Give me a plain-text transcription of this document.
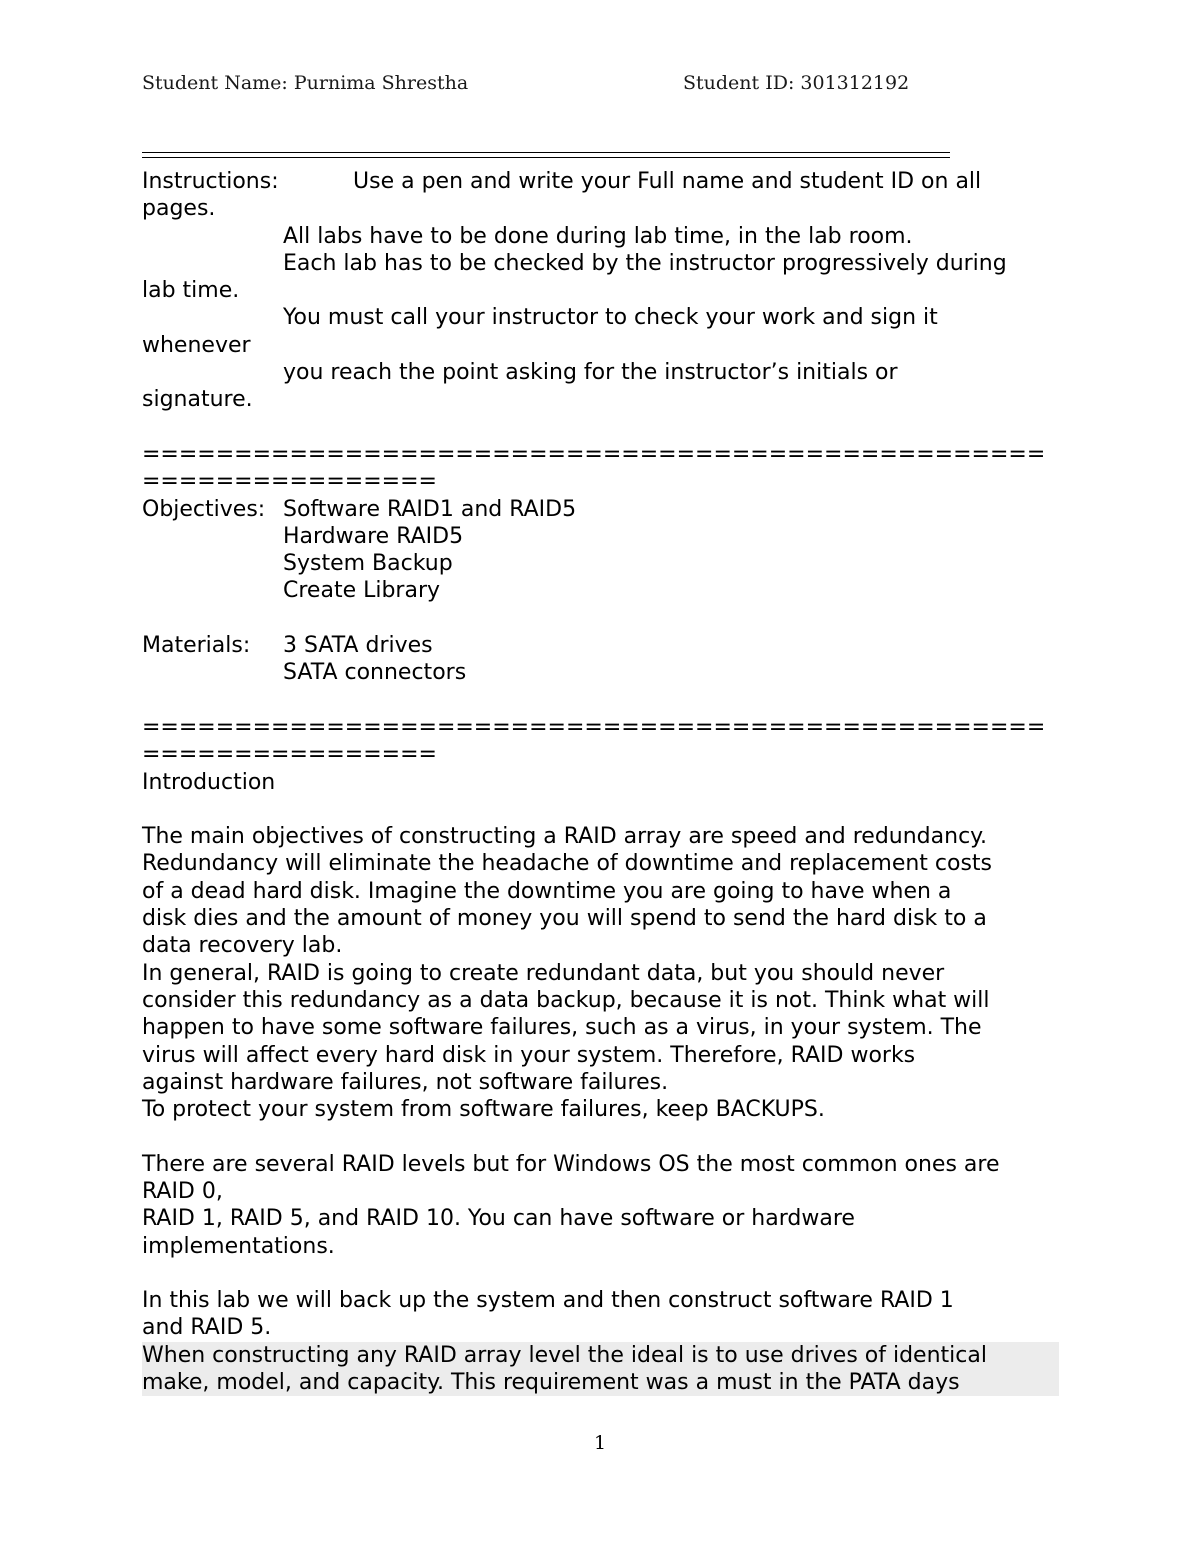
Student Name: Purnima Shrestha	Student ID: 301312192
Instructions:	Use a pen and write your Full name and student ID on all
pages.
All labs have to be done during lab time, in the lab room.
Each lab has to be checked by the instructor progressively during
lab time.
You must call your instructor to check your work and sign it
whenever
you reach the point asking for the instructor’s initials or
signature.
=================================================
================
Objectives: Software RAID1 and RAID5
Hardware RAID5
System Backup
Create Library
Materials:	3 SATA drives
SATA connectors
=================================================
================
Introduction
The main objectives of constructing a RAID array are speed and redundancy.
Redundancy will eliminate the headache of downtime and replacement costs
of a dead hard disk. Imagine the downtime you are going to have when a
disk dies and the amount of money you will spend to send the hard disk to a
data recovery lab.
In general, RAID is going to create redundant data, but you should never
consider this redundancy as a data backup, because it is not. Think what will
happen to have some software failures, such as a virus, in your system. The
virus will affect every hard disk in your system. Therefore, RAID works
against hardware failures, not software failures.
To protect your system from software failures, keep BACKUPS.
There are several RAID levels but for Windows OS the most common ones are
RAID 0,
RAID 1, RAID 5, and RAID 10. You can have software or hardware
implementations.
In this lab we will back up the system and then construct software RAID 1
and RAID 5.
When constructing any RAID array level the ideal is to use drives of identical
make, model, and capacity. This requirement was a must in the PATA days
1
